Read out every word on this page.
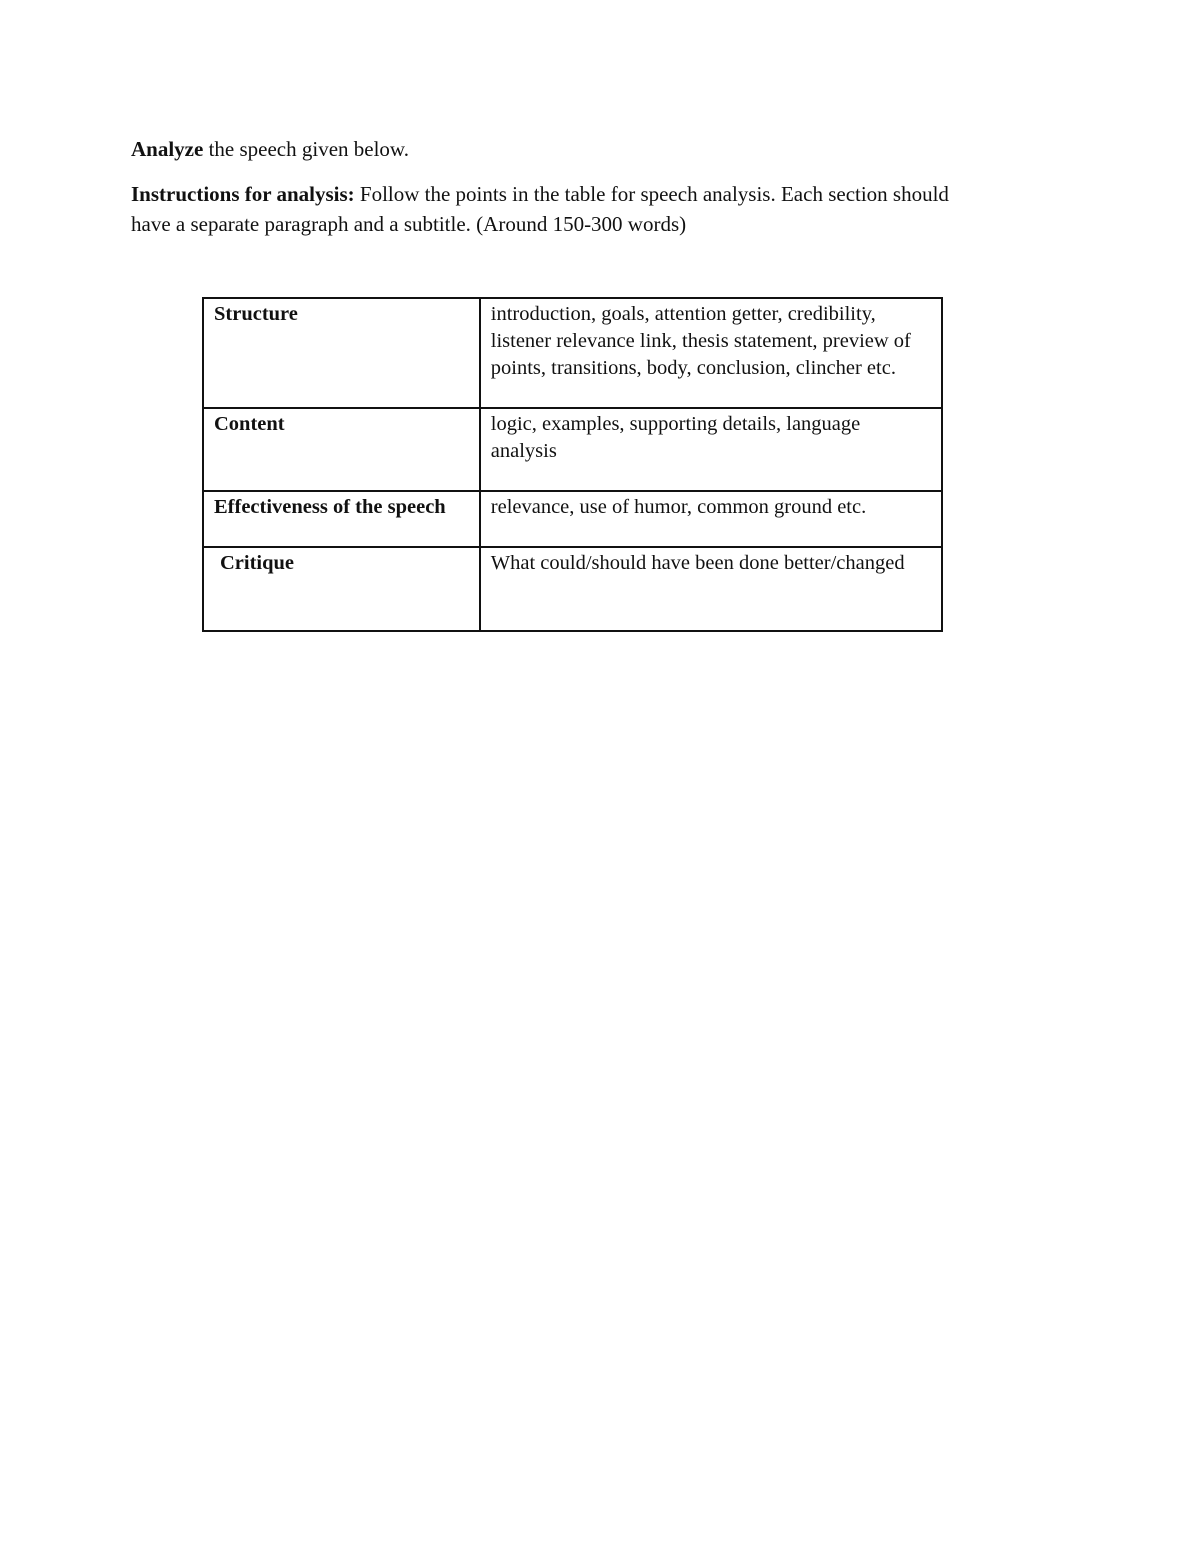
Analyze the speech given below.

Instructions for analysis: Follow the points in the table for speech analysis. Each section should
have a separate paragraph and a subtitle. (Around 150-300 words)

Structure	introduction, goals, attention getter, credibility, listener relevance link, thesis statement, preview of points, transitions, body, conclusion, clincher etc.
Content	logic, examples, supporting details, language analysis
Effectiveness of the speech	relevance, use of humor, common ground etc.
Critique	What could/should have been done better/changed
